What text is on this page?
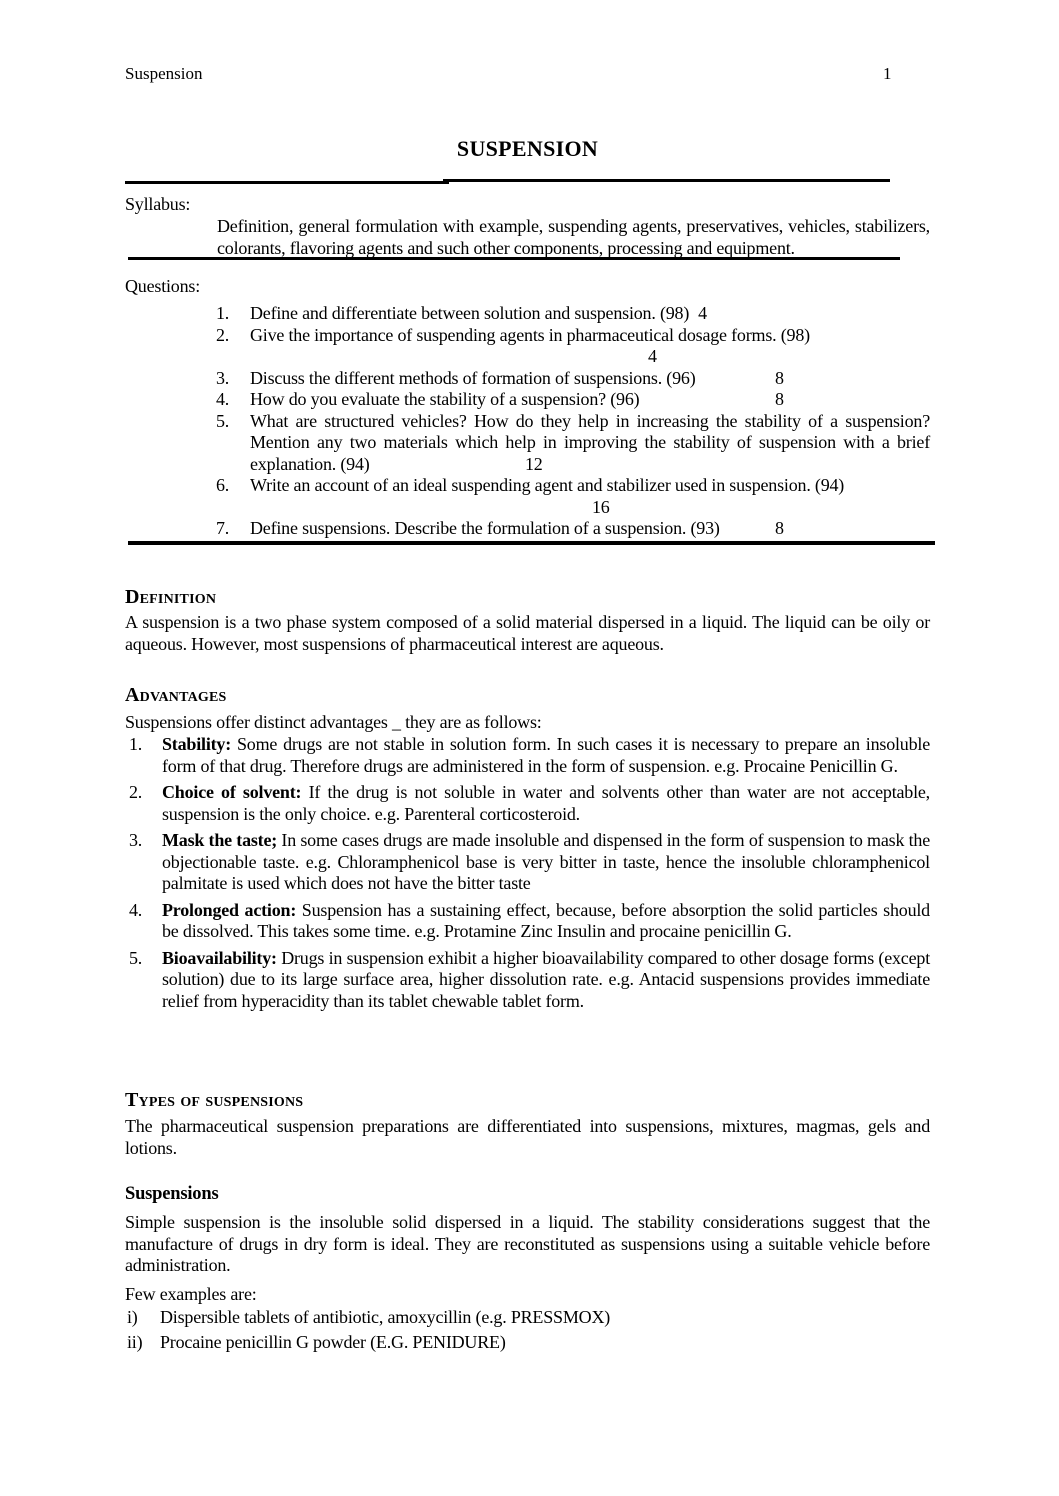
Suspension	1
SUSPENSION
Syllabus:
Definition, general formulation with example, suspending agents, preservatives, vehicles, stabilizers, colorants, flavoring agents and such other components, processing and equipment.
Questions:
1. Define and differentiate between solution and suspension. (98) 4
2. Give the importance of suspending agents in pharmaceutical dosage forms. (98)
4
3. Discuss the different methods of formation of suspensions. (96)	8
4. How do you evaluate the stability of a suspension? (96)	8
5. What are structured vehicles? How do they help in increasing the stability of a suspension? Mention any two materials which help in improving the stability of suspension with a brief explanation. (94)	12
6. Write an account of an ideal suspending agent and stabilizer used in suspension. (94)
16
7. Define suspensions. Describe the formulation of a suspension. (93)	8
Definition
A suspension is a two phase system composed of a solid material dispersed in a liquid. The liquid can be oily or aqueous. However, most suspensions of pharmaceutical interest are aqueous.
Advantages
Suspensions offer distinct advantages _ they are as follows:
1. Stability: Some drugs are not stable in solution form. In such cases it is necessary to prepare an insoluble form of that drug. Therefore drugs are administered in the form of suspension. e.g. Procaine Penicillin G.
2. Choice of solvent: If the drug is not soluble in water and solvents other than water are not acceptable, suspension is the only choice. e.g. Parenteral corticosteroid.
3. Mask the taste; In some cases drugs are made insoluble and dispensed in the form of suspension to mask the objectionable taste. e.g. Chloramphenicol base is very bitter in taste, hence the insoluble chloramphenicol palmitate is used which does not have the bitter taste
4. Prolonged action: Suspension has a sustaining effect, because, before absorption the solid particles should be dissolved. This takes some time. e.g. Protamine Zinc Insulin and procaine penicillin G.
5. Bioavailability: Drugs in suspension exhibit a higher bioavailability compared to other dosage forms (except solution) due to its large surface area, higher dissolution rate. e.g. Antacid suspensions provides immediate relief from hyperacidity than its tablet chewable tablet form.
Types of suspensions
The pharmaceutical suspension preparations are differentiated into suspensions, mixtures, magmas, gels and lotions.
Suspensions
Simple suspension is the insoluble solid dispersed in a liquid. The stability considerations suggest that the manufacture of drugs in dry form is ideal. They are reconstituted as suspensions using a suitable vehicle before administration.
Few examples are:
i) Dispersible tablets of antibiotic, amoxycillin (e.g. PRESSMOX)
ii) Procaine penicillin G powder (E.G. PENIDURE)
